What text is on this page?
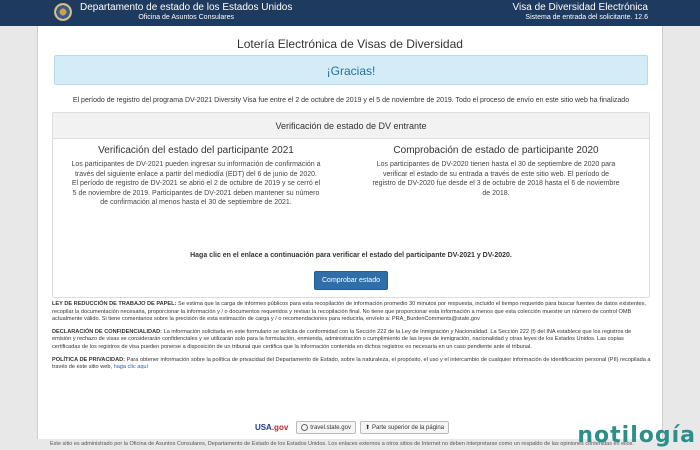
Departamento de estado de los Estados Unidos
Oficina de Asuntos Consulares
Visa de Diversidad Electrónica
Sistema de entrada del solicitante. 12.6
Lotería Electrónica de Visas de Diversidad
¡Gracias!
El período de registro del programa DV-2021 Diversity Visa fue entre el 2 de octubre de 2019 y el 5 de noviembre de 2019. Todo el proceso de envío en este sitio web ha finalizado
Verificación de estado de DV entrante
Verificación del estado del participante 2021

Los participantes de DV-2021 pueden ingresar su información de confirmación a través del siguiente enlace a partir del mediodía (EDT) del 6 de junio de 2020. El período de registro de DV-2021 se abrió el 2 de octubre de 2019 y se cerró el 5 de noviembre de 2019. Participantes de DV-2021 deben mantener su número de confirmación al menos hasta el 30 de septiembre de 2021.

Comprobación de estado de participante 2020

Los participantes de DV-2020 tienen hasta el 30 de septiembre de 2020 para verificar el estado de su entrada a través de este sitio web. El período de registro de DV-2020 fue desde el 3 de octubre de 2018 hasta el 6 de noviembre de 2018.

Haga clic en el enlace a continuación para verificar el estado del participante DV-2021 y DV-2020.
Comprobar estado
LEY DE REDUCCIÓN DE TRABAJO DE PAPEL: Se estima que la carga de informes públicos para esta recopilación de información promedio 30 minutos por respuesta, incluido el tiempo requerido para buscar fuentes de datos existentes, recopilar la documentación necesaria, proporcionar la información y / o documentos requeridos y revisar la recopilación final. No tiene que proporcionar esta información a menos que esta colección muestre un número de control OMB actualmente válido. Si tiene comentarios sobre la precisión de esta estimación de carga y / o recomendaciones para reducirla, envíelo a: PRA_BurdenComments@state.gov
DECLARACIÓN DE CONFIDENCIALIDAD: La información solicitada en este formulario se solicita de conformidad con la Sección 222 de la Ley de Inmigración y Nacionalidad. La Sección 222 (f) del INA establece que los registros de emisión y rechazo de visas se considerarán confidenciales y se utilizarán solo para la formulación, enmienda, administración o cumplimiento de las leyes de inmigración, nacionalidad y otras leyes de los Estados Unidos. Las copias certificadas de los registros de visa pueden ponerse a disposición de un tribunal que certifica que la información contenida en dichos registros es necesaria en un caso pendiente ante el tribunal.
POLÍTICA DE PRIVACIDAD: Para obtener información sobre la política de privacidad del Departamento de Estado, sobre la naturaleza, el propósito, el uso y el intercambio de cualquier información de identificación personal (PII) recopilada a través de este sitio web, haga clic aquí
USA.gov	travel.state.gov ⬆ Parte superior de la página
Este sitio es administrado por la Oficina de Asuntos Consulares, Departamento de Estado de los Estados Unidos. Los enlaces externos a otros sitios de Internet no deben interpretarse como un respaldo de las opiniones contenidas en ellos.
notilogía
